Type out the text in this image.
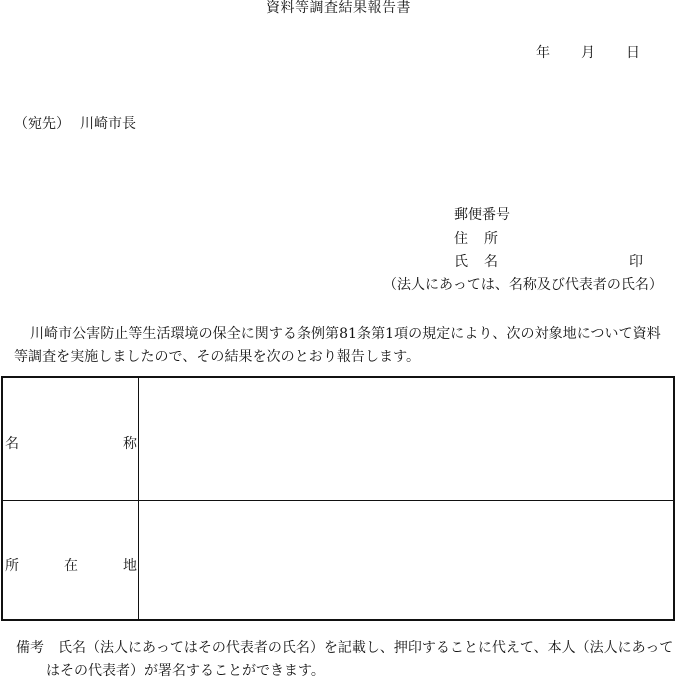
資料等調査結果報告書
年 月 日
（宛先） 川崎市長
郵便番号
住 所
氏 名	印
（法人にあっては、名称及び代表者の氏名）
川崎市公害防止等生活環境の保全に関する条例第81条第1項の規定により、次の対象地について資料等調査を実施しましたので、その結果を次のとおり報告します。
名	称
所	在	地
備考 氏名（法人にあってはその代表者の氏名）を記載し、押印することに代えて、本人（法人にあって
はその代表者）が署名することができます。
